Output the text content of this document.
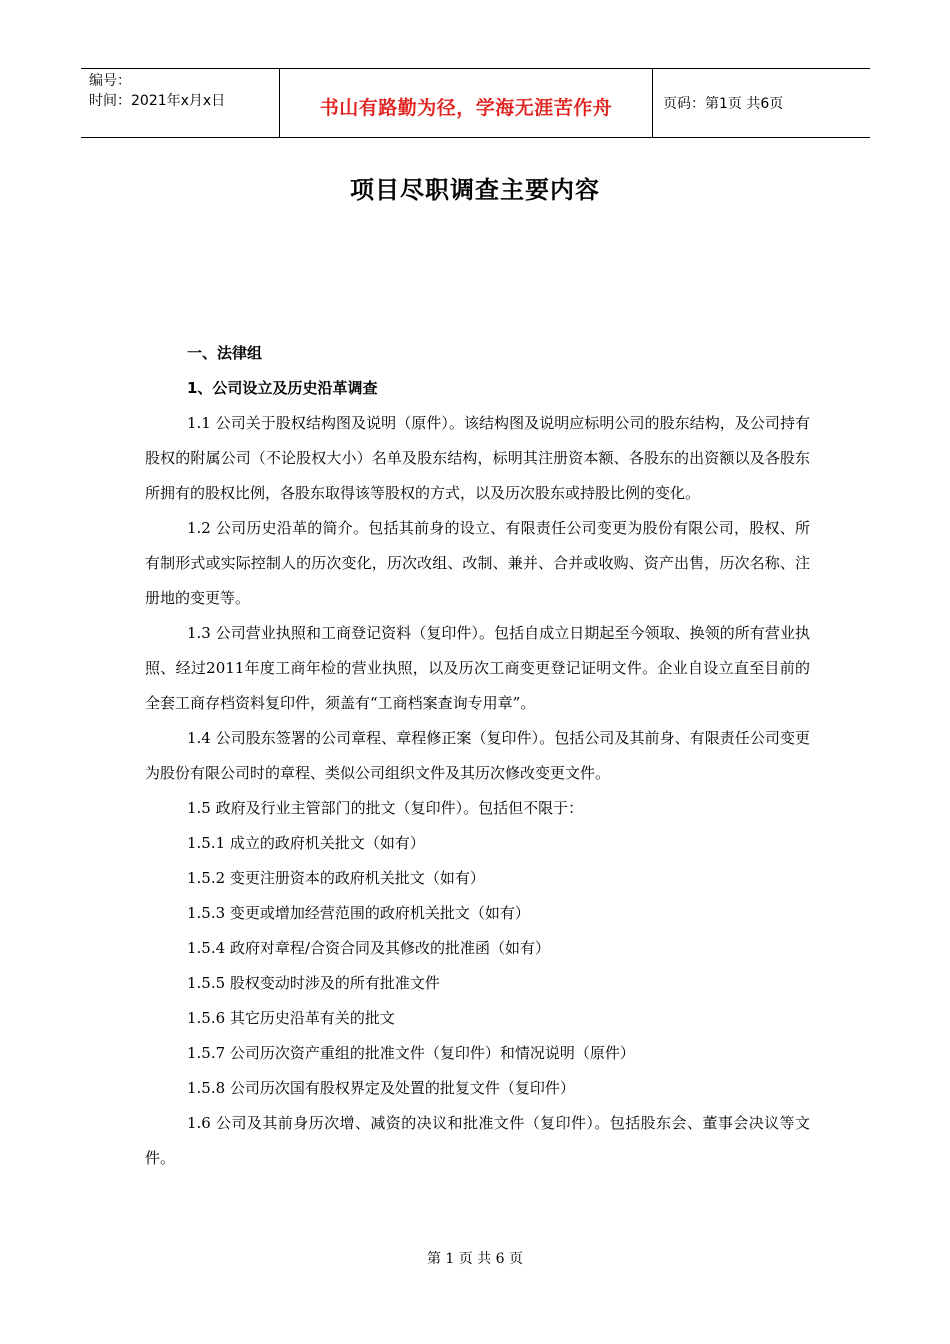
编号：
时间：2021年x月x日	书山有路勤为径，学海无涯苦作舟	页码：第1页 共6页
项目尽职调查主要内容

一、法律组

1、公司设立及历史沿革调查

1.1 公司关于股权结构图及说明（原件）。该结构图及说明应标明公司的股东结构，及公司持有股权的附属公司（不论股权大小）名单及股东结构，标明其注册资本额、各股东的出资额以及各股东所拥有的股权比例，各股东取得该等股权的方式，以及历次股东或持股比例的变化。

1.2 公司历史沿革的简介。包括其前身的设立、有限责任公司变更为股份有限公司，股权、所有制形式或实际控制人的历次变化，历次改组、改制、兼并、合并或收购、资产出售，历次名称、注册地的变更等。

1.3 公司营业执照和工商登记资料（复印件）。包括自成立日期起至今领取、换领的所有营业执照、经过2011年度工商年检的营业执照，以及历次工商变更登记证明文件。企业自设立直至目前的全套工商存档资料复印件，须盖有“工商档案查询专用章”。

1.4 公司股东签署的公司章程、章程修正案（复印件）。包括公司及其前身、有限责任公司变更为股份有限公司时的章程、类似公司组织文件及其历次修改变更文件。

1.5 政府及行业主管部门的批文（复印件）。包括但不限于：

1.5.1 成立的政府机关批文（如有）

1.5.2 变更注册资本的政府机关批文（如有）

1.5.3 变更或增加经营范围的政府机关批文（如有）

1.5.4 政府对章程/合资合同及其修改的批准函（如有）

1.5.5 股权变动时涉及的所有批准文件

1.5.6 其它历史沿革有关的批文

1.5.7 公司历次资产重组的批准文件（复印件）和情况说明（原件）

1.5.8 公司历次国有股权界定及处置的批复文件（复印件）

1.6 公司及其前身历次增、减资的决议和批准文件（复印件）。包括股东会、董事会决议等文件。

第 1 页 共 6 页
